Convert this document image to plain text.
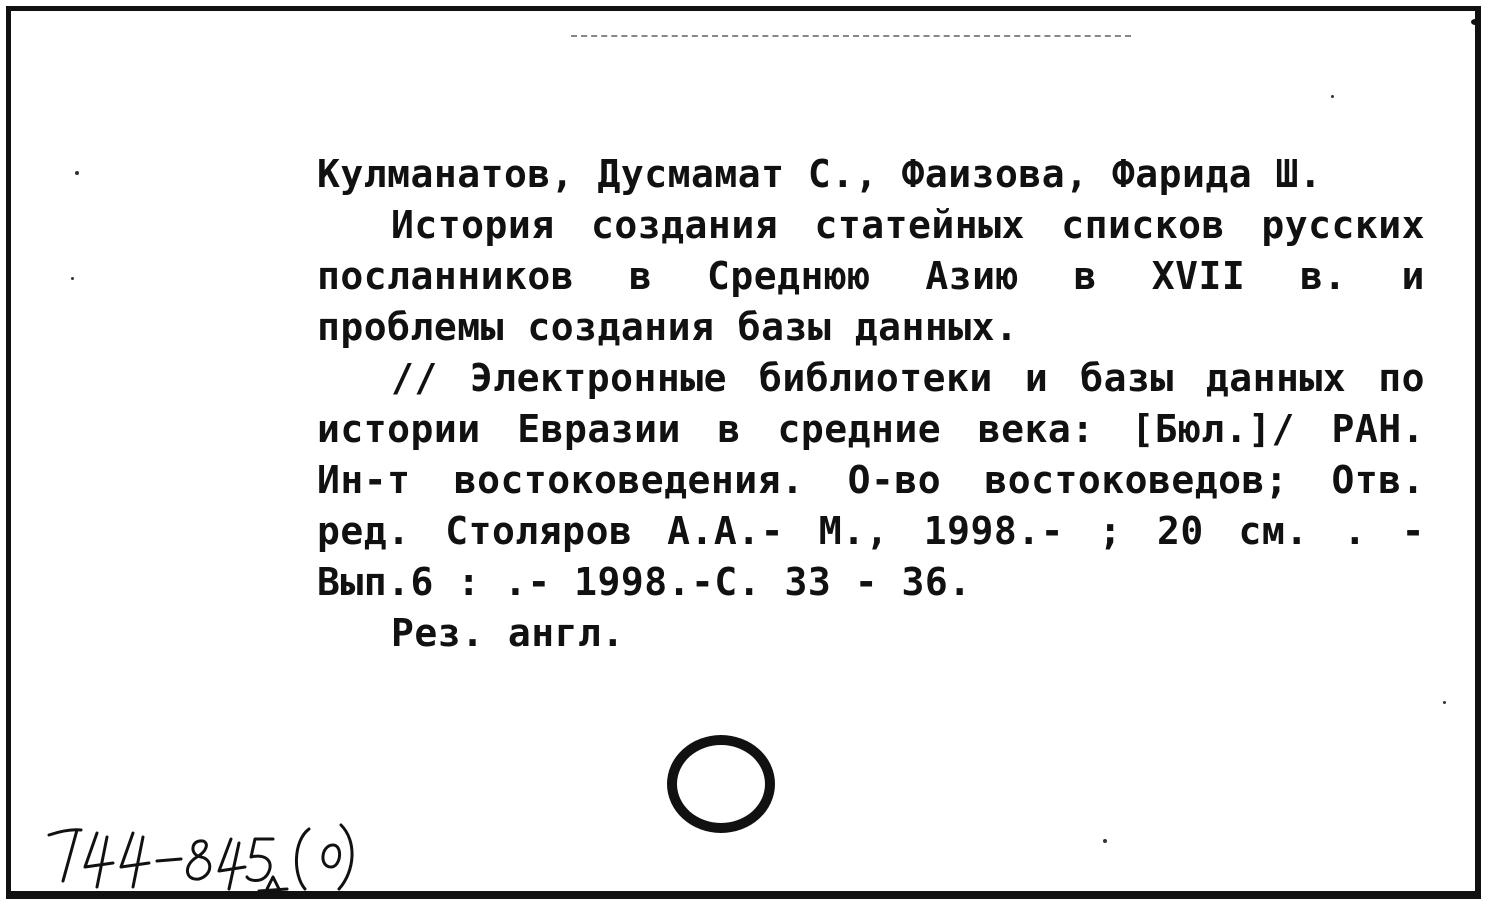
Кулманатов, Дусмамат С., Фаизова, Фарида Ш.
История создания статейных списков русских
посланников в Среднюю Азию в XVII в. и
проблемы создания базы данных.
// Электронные библиотеки и базы данных по
истории Евразии в средние века: [Бюл.]/ РАН.
Ин-т востоковедения. О-во востоковедов; Отв.
ред. Столяров А.А.- М., 1998.- ; 20 см. . -
Вып.6 : .- 1998.-С. 33 - 36.
Рез. англ.
